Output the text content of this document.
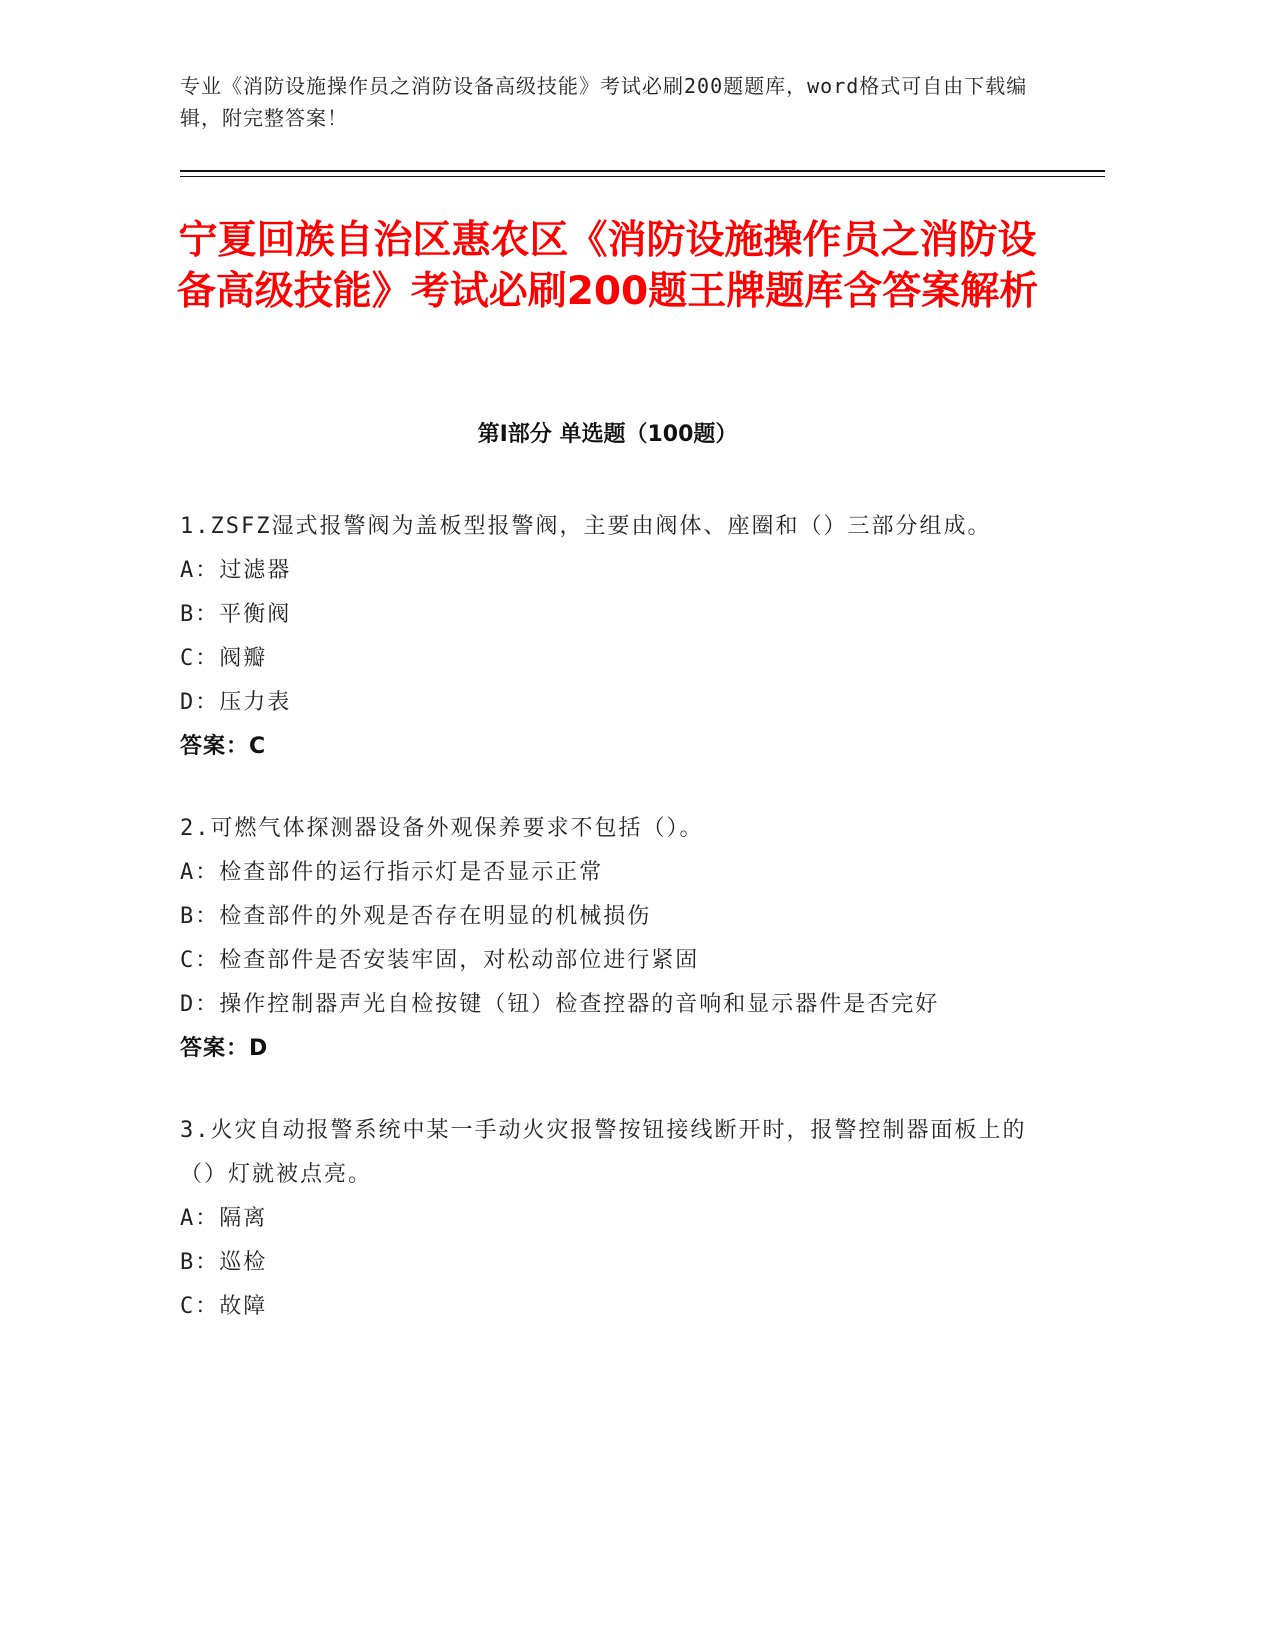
专业《消防设施操作员之消防设备高级技能》考试必刷200题题库，word格式可自由下载编辑，附完整答案！
宁夏回族自治区惠农区《消防设施操作员之消防设备高级技能》考试必刷200题王牌题库含答案解析
第Ⅰ部分 单选题（100题）

1.ZSFZ湿式报警阀为盖板型报警阀，主要由阀体、座圈和（）三部分组成。

A：过滤器

B：平衡阀

C：阀瓣

D：压力表

答案：C

2.可燃气体探测器设备外观保养要求不包括（）。

A：检查部件的运行指示灯是否显示正常

B：检查部件的外观是否存在明显的机械损伤

C：检查部件是否安装牢固，对松动部位进行紧固

D：操作控制器声光自检按键（钮）检查控器的音响和显示器件是否完好

答案：D

3.火灾自动报警系统中某一手动火灾报警按钮接线断开时，报警控制器面板上的（）灯就被点亮。

A：隔离

B：巡检

C：故障
